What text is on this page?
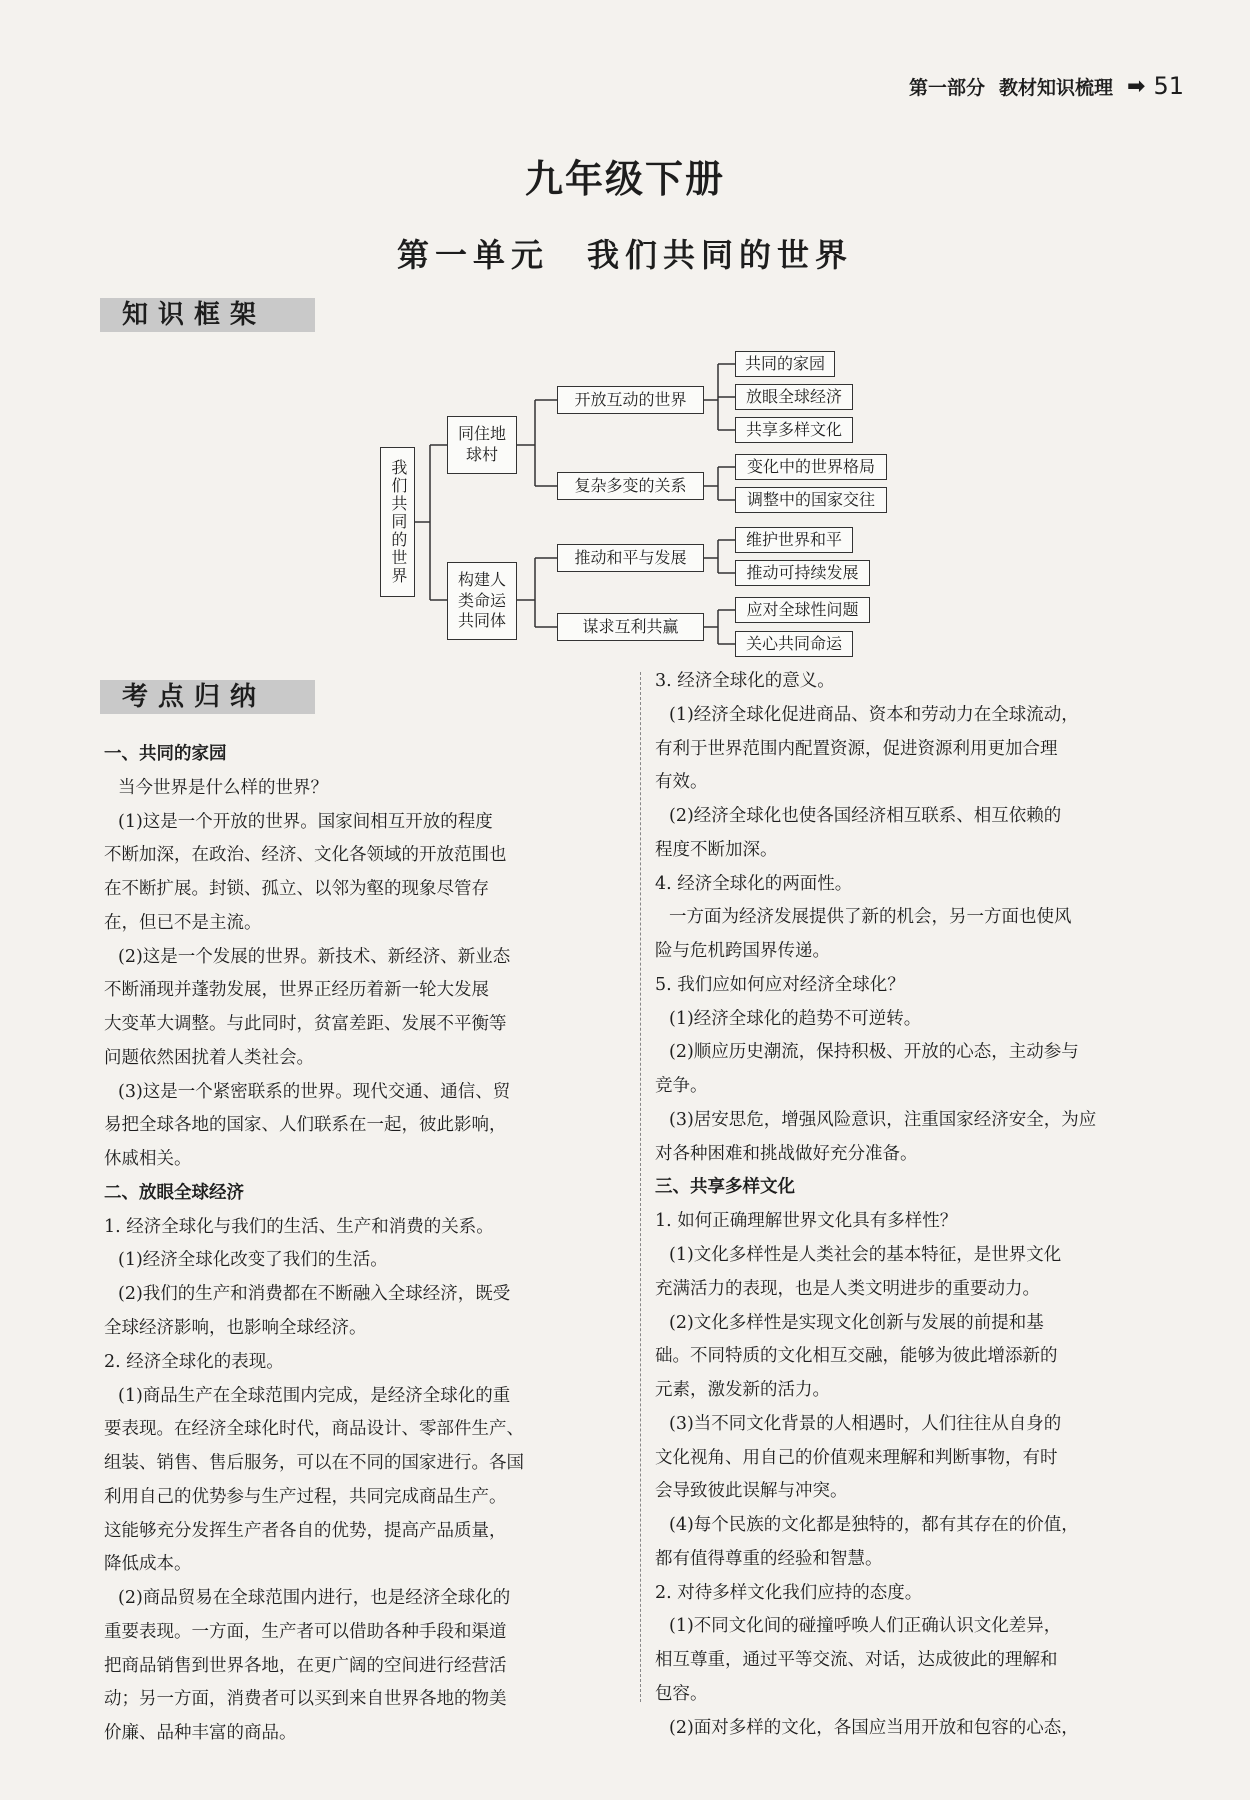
第一部分 教材知识梳理 ➡ 51
九年级下册
第一单元　我们共同的世界
知识框架
我们共同的世界
同住地球村
构建人类命运共同体
开放互动的世界
复杂多变的关系
推动和平与发展
谋求互利共赢
共同的家园
放眼全球经济
共享多样文化
变化中的世界格局
调整中的国家交往
维护世界和平
推动可持续发展
应对全球性问题
关心共同命运
考点归纳

一、共同的家园

当今世界是什么样的世界？

(1)这是一个开放的世界。国家间相互开放的程度

不断加深，在政治、经济、文化各领域的开放范围也

在不断扩展。封锁、孤立、以邻为壑的现象尽管存

在，但已不是主流。

(2)这是一个发展的世界。新技术、新经济、新业态

不断涌现并蓬勃发展，世界正经历着新一轮大发展

大变革大调整。与此同时，贫富差距、发展不平衡等

问题依然困扰着人类社会。

(3)这是一个紧密联系的世界。现代交通、通信、贸

易把全球各地的国家、人们联系在一起，彼此影响，

休戚相关。

二、放眼全球经济

1. 经济全球化与我们的生活、生产和消费的关系。

(1)经济全球化改变了我们的生活。

(2)我们的生产和消费都在不断融入全球经济，既受

全球经济影响，也影响全球经济。

2. 经济全球化的表现。

(1)商品生产在全球范围内完成，是经济全球化的重

要表现。在经济全球化时代，商品设计、零部件生产、

组装、销售、售后服务，可以在不同的国家进行。各国

利用自己的优势参与生产过程，共同完成商品生产。

这能够充分发挥生产者各自的优势，提高产品质量，

降低成本。

(2)商品贸易在全球范围内进行，也是经济全球化的

重要表现。一方面，生产者可以借助各种手段和渠道

把商品销售到世界各地，在更广阔的空间进行经营活

动；另一方面，消费者可以买到来自世界各地的物美

价廉、品种丰富的商品。

3. 经济全球化的意义。

(1)经济全球化促进商品、资本和劳动力在全球流动，

有利于世界范围内配置资源，促进资源利用更加合理

有效。

(2)经济全球化也使各国经济相互联系、相互依赖的

程度不断加深。

4. 经济全球化的两面性。

一方面为经济发展提供了新的机会，另一方面也使风

险与危机跨国界传递。

5. 我们应如何应对经济全球化？

(1)经济全球化的趋势不可逆转。

(2)顺应历史潮流，保持积极、开放的心态，主动参与

竞争。

(3)居安思危，增强风险意识，注重国家经济安全，为应

对各种困难和挑战做好充分准备。

三、共享多样文化

1. 如何正确理解世界文化具有多样性？

(1)文化多样性是人类社会的基本特征，是世界文化

充满活力的表现，也是人类文明进步的重要动力。

(2)文化多样性是实现文化创新与发展的前提和基

础。不同特质的文化相互交融，能够为彼此增添新的

元素，激发新的活力。

(3)当不同文化背景的人相遇时，人们往往从自身的

文化视角、用自己的价值观来理解和判断事物，有时

会导致彼此误解与冲突。

(4)每个民族的文化都是独特的，都有其存在的价值，

都有值得尊重的经验和智慧。

2. 对待多样文化我们应持的态度。

(1)不同文化间的碰撞呼唤人们正确认识文化差异，

相互尊重，通过平等交流、对话，达成彼此的理解和

包容。

(2)面对多样的文化，各国应当用开放和包容的心态，
